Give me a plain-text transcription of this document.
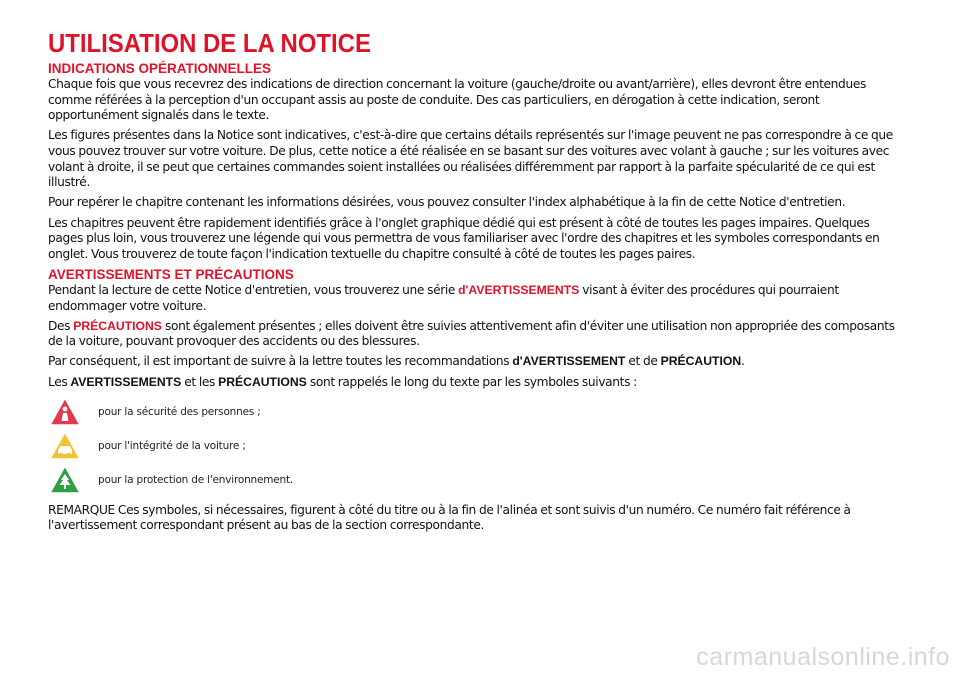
UTILISATION DE LA NOTICE
INDICATIONS OPÉRATIONNELLES

Chaque fois que vous recevrez des indications de direction concernant la voiture (gauche/droite ou avant/arrière), elles devront être entendues comme référées à la perception d'un occupant assis au poste de conduite. Des cas particuliers, en dérogation à cette indication, seront opportunément signalés dans le texte.

Les figures présentes dans la Notice sont indicatives, c'est-à-dire que certains détails représentés sur l'image peuvent ne pas correspondre à ce que vous pouvez trouver sur votre voiture. De plus, cette notice a été réalisée en se basant sur des voitures avec volant à gauche ; sur les voitures avec volant à droite, il se peut que certaines commandes soient installées ou réalisées différemment par rapport à la parfaite spécularité de ce qui est illustré.

Pour repérer le chapitre contenant les informations désirées, vous pouvez consulter l'index alphabétique à la fin de cette Notice d'entretien.

Les chapitres peuvent être rapidement identifiés grâce à l'onglet graphique dédié qui est présent à côté de toutes les pages impaires. Quelques pages plus loin, vous trouverez une légende qui vous permettra de vous familiariser avec l'ordre des chapitres et les symboles correspondants en onglet. Vous trouverez de toute façon l'indication textuelle du chapitre consulté à côté de toutes les pages paires.

AVERTISSEMENTS ET PRÉCAUTIONS

Pendant la lecture de cette Notice d'entretien, vous trouverez une série d'AVERTISSEMENTS visant à éviter des procédures qui pourraient endommager votre voiture.

Des PRÉCAUTIONS sont également présentes ; elles doivent être suivies attentivement afin d'éviter une utilisation non appropriée des composants de la voiture, pouvant provoquer des accidents ou des blessures.

Par conséquent, il est important de suivre à la lettre toutes les recommandations d'AVERTISSEMENT et de PRÉCAUTION.

Les AVERTISSEMENTS et les PRÉCAUTIONS sont rappelés le long du texte par les symboles suivants :

pour la sécurité des personnes ;
pour l'intégrité de la voiture ;
pour la protection de l'environnement.

REMARQUE Ces symboles, si nécessaires, figurent à côté du titre ou à la fin de l'alinéa et sont suivis d'un numéro. Ce numéro fait référence à l'avertissement correspondant présent au bas de la section correspondante.

carmanualsonline.info
